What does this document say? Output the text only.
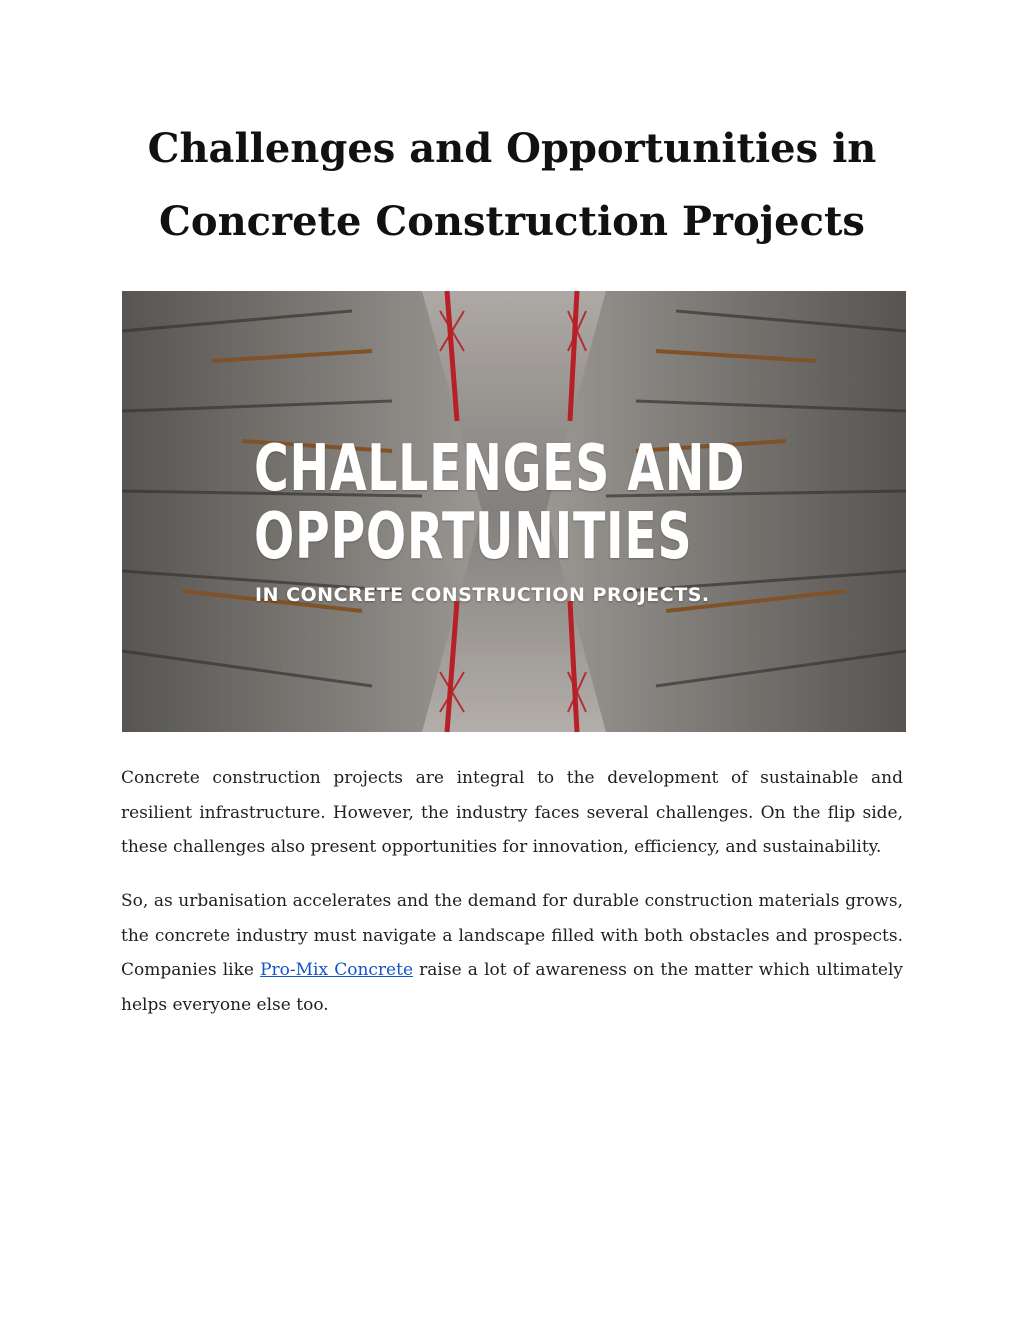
Challenges and Opportunities in
Concrete Construction Projects
CHALLENGES AND
OPPORTUNITIES
IN CONCRETE CONSTRUCTION PROJECTS.

Concrete construction projects are integral to the development of sustainable and resilient infrastructure. However, the industry faces several challenges. On the flip side, these challenges also present opportunities for innovation, efficiency, and sustainability.

So, as urbanisation accelerates and the demand for durable construction materials grows, the concrete industry must navigate a landscape filled with both obstacles and prospects. Companies like Pro-Mix Concrete raise a lot of awareness on the matter which ultimately helps everyone else too.
